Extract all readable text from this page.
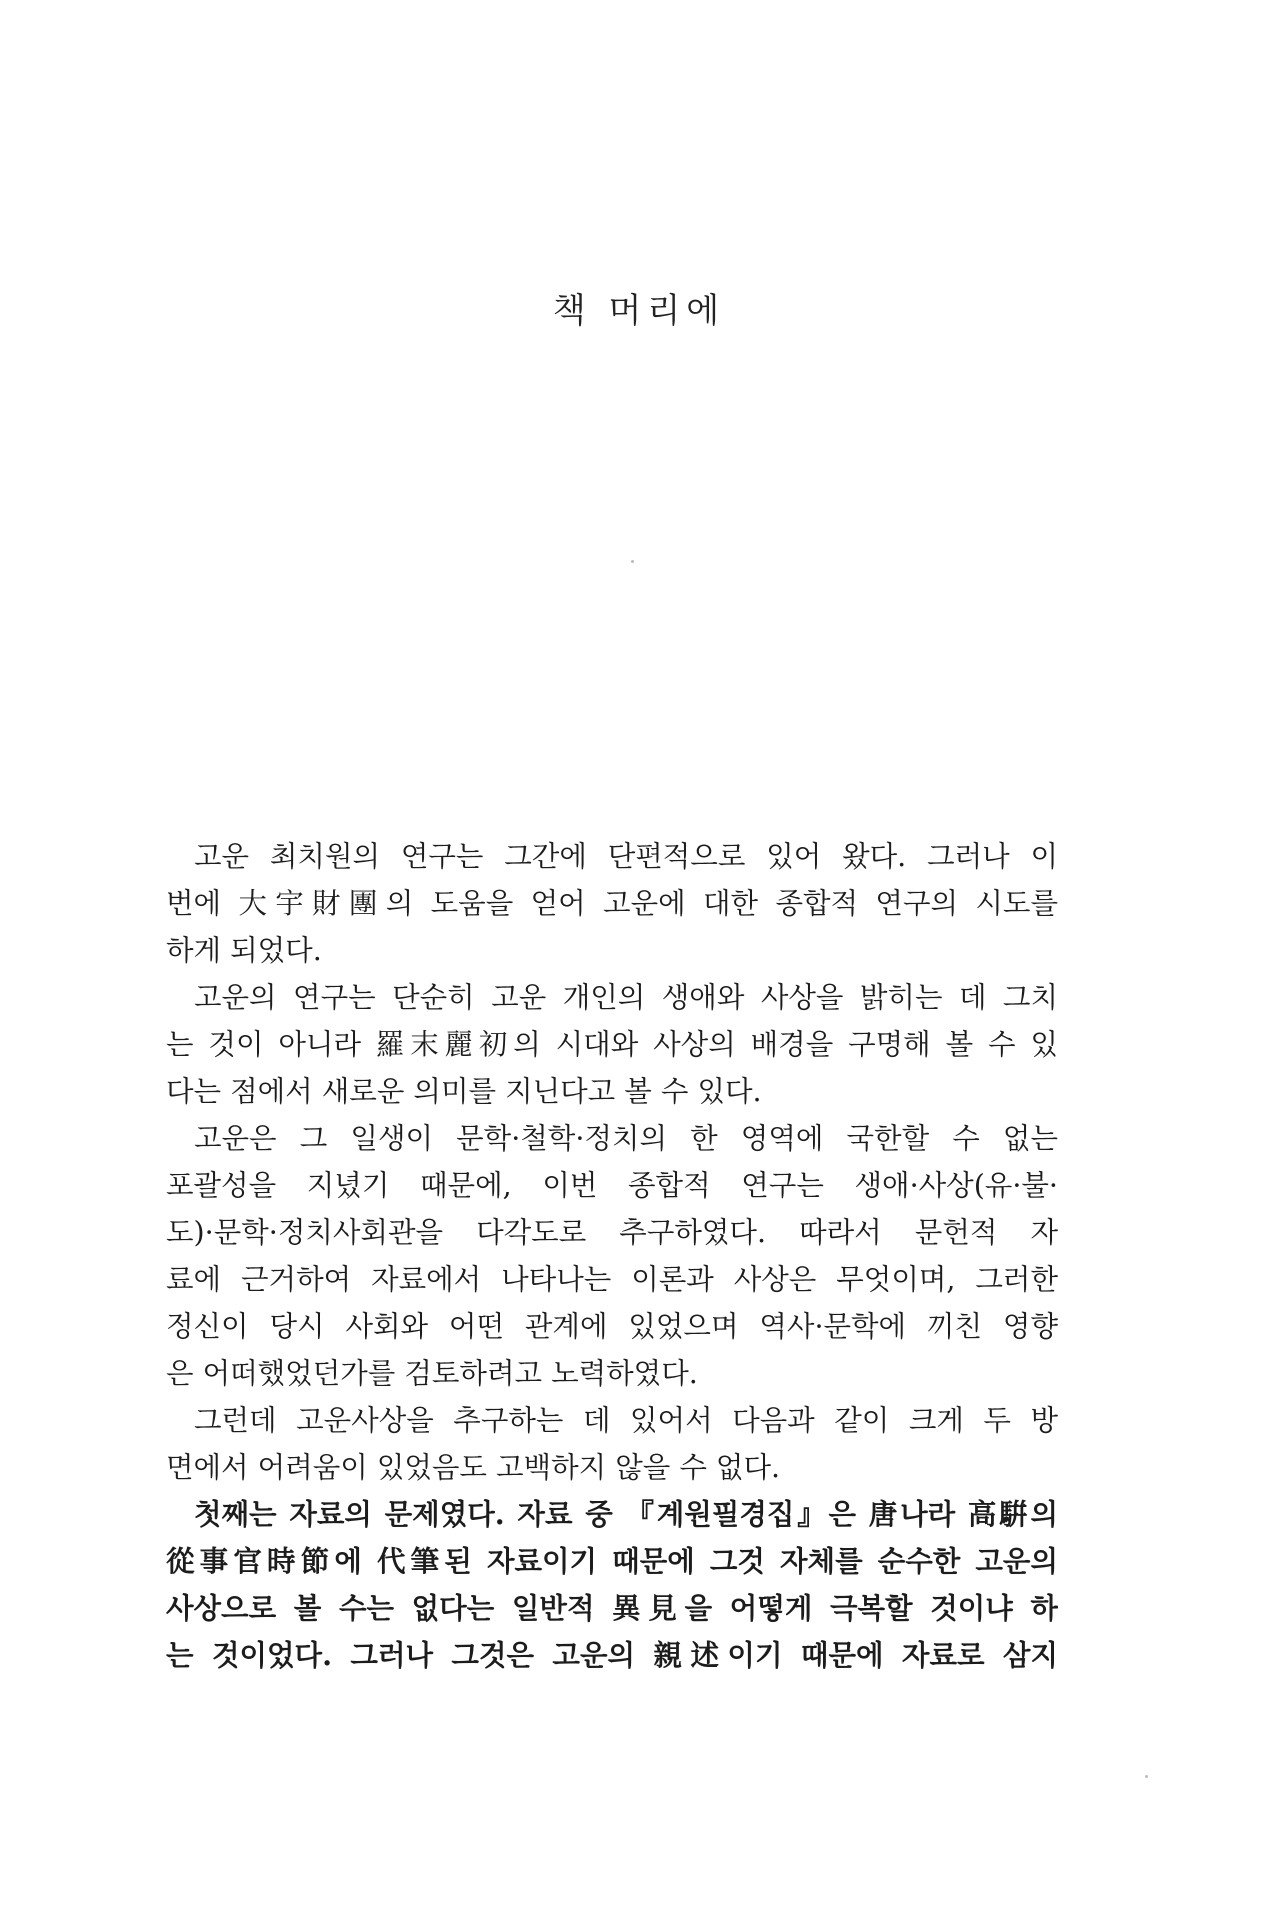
책 머리에
고운 최치원의 연구는 그간에 단편적으로 있어 왔다. 그러나 이
번에 大宇財團의 도움을 얻어 고운에 대한 종합적 연구의 시도를
하게 되었다.
고운의 연구는 단순히 고운 개인의 생애와 사상을 밝히는 데 그치
는 것이 아니라 羅末麗初의 시대와 사상의 배경을 구명해 볼 수 있
다는 점에서 새로운 의미를 지닌다고 볼 수 있다.
고운은 그 일생이 문학·철학·정치의 한 영역에 국한할 수 없는
포괄성을 지녔기 때문에, 이번 종합적 연구는 생애·사상(유·불·
도)·문학·정치사회관을 다각도로 추구하였다. 따라서 문헌적 자
료에 근거하여 자료에서 나타나는 이론과 사상은 무엇이며, 그러한
정신이 당시 사회와 어떤 관계에 있었으며 역사·문학에 끼친 영향
은 어떠했었던가를 검토하려고 노력하였다.
그런데 고운사상을 추구하는 데 있어서 다음과 같이 크게 두 방
면에서 어려움이 있었음도 고백하지 않을 수 없다.
첫째는 자료의 문제였다. 자료 중 『계원필경집』은 唐나라 高騈의
從事官時節에 代筆된 자료이기 때문에 그것 자체를 순수한 고운의
사상으로 볼 수는 없다는 일반적 異見을 어떻게 극복할 것이냐 하
는 것이었다. 그러나 그것은 고운의 親述이기 때문에 자료로 삼지
